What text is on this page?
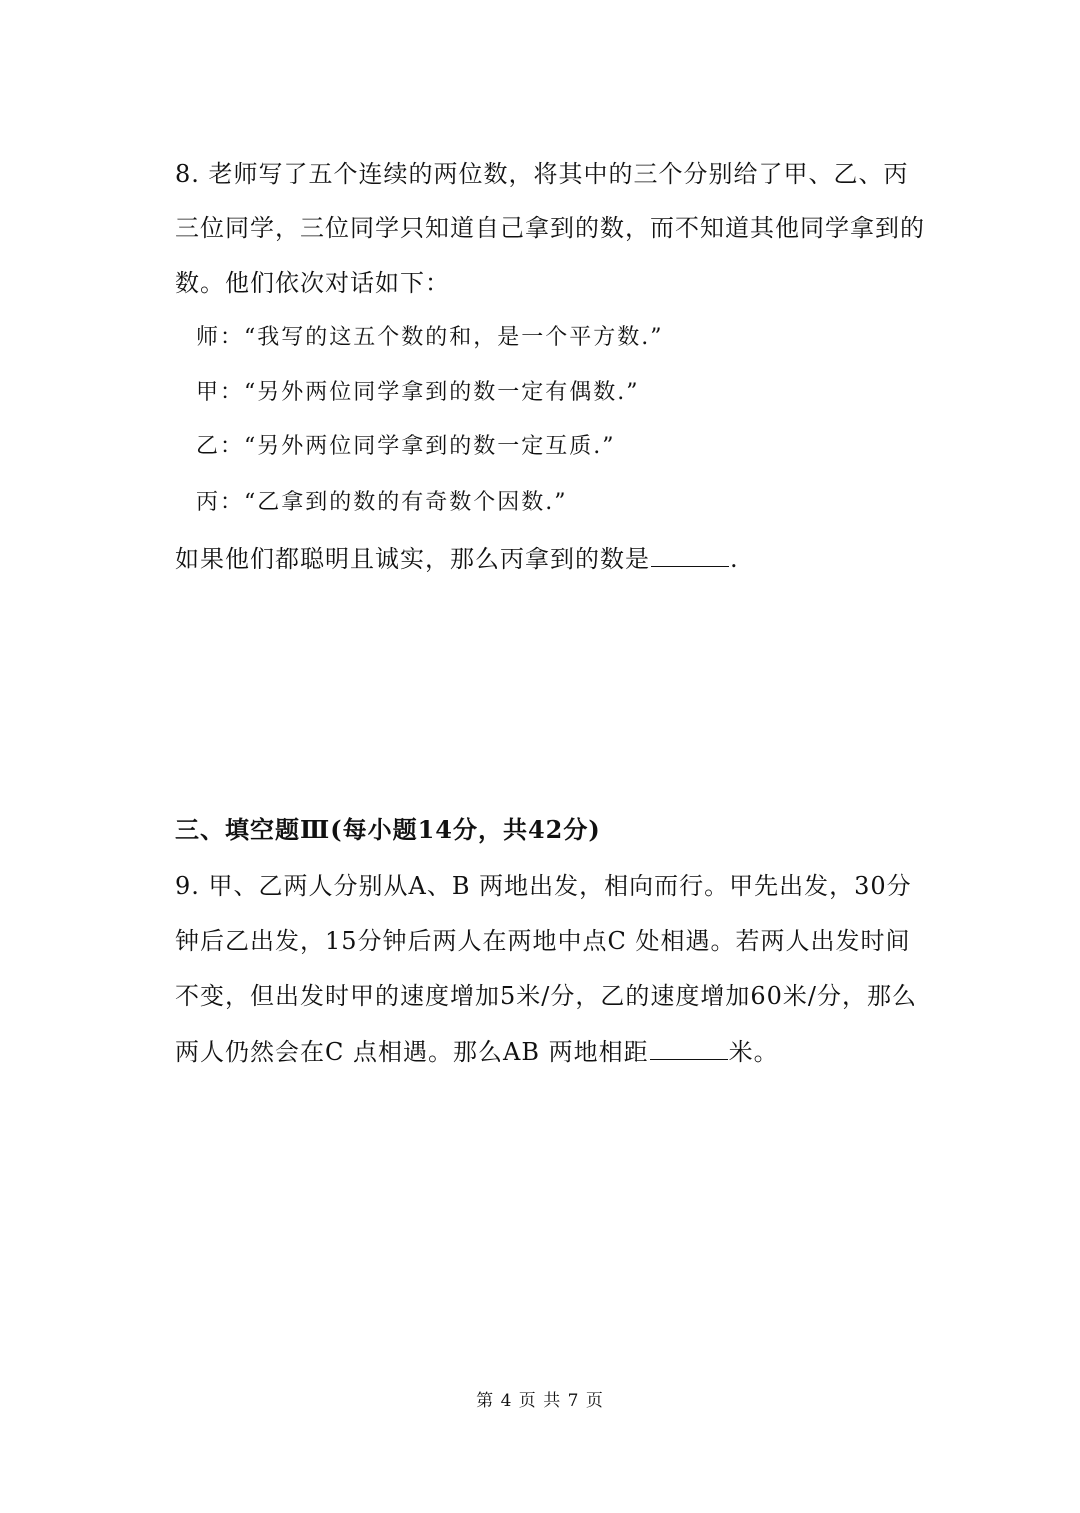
8. 老师写了五个连续的两位数，将其中的三个分别给了甲、乙、丙
三位同学，三位同学只知道自己拿到的数，而不知道其他同学拿到的
数。他们依次对话如下：
师：“我写的这五个数的和，是一个平方数.”
甲：“另外两位同学拿到的数一定有偶数.”
乙：“另外两位同学拿到的数一定互质.”
丙：“乙拿到的数的有奇数个因数.”
如果他们都聪明且诚实，那么丙拿到的数是	.
三、填空题Ⅲ(每小题14分，共42分)
9. 甲、乙两人分别从A、B 两地出发，相向而行。甲先出发，30分
钟后乙出发，15分钟后两人在两地中点C 处相遇。若两人出发时间
不变，但出发时甲的速度增加5米/分，乙的速度增加60米/分，那么
两人仍然会在C 点相遇。那么AB 两地相距	米。
第 4 页 共 7 页
